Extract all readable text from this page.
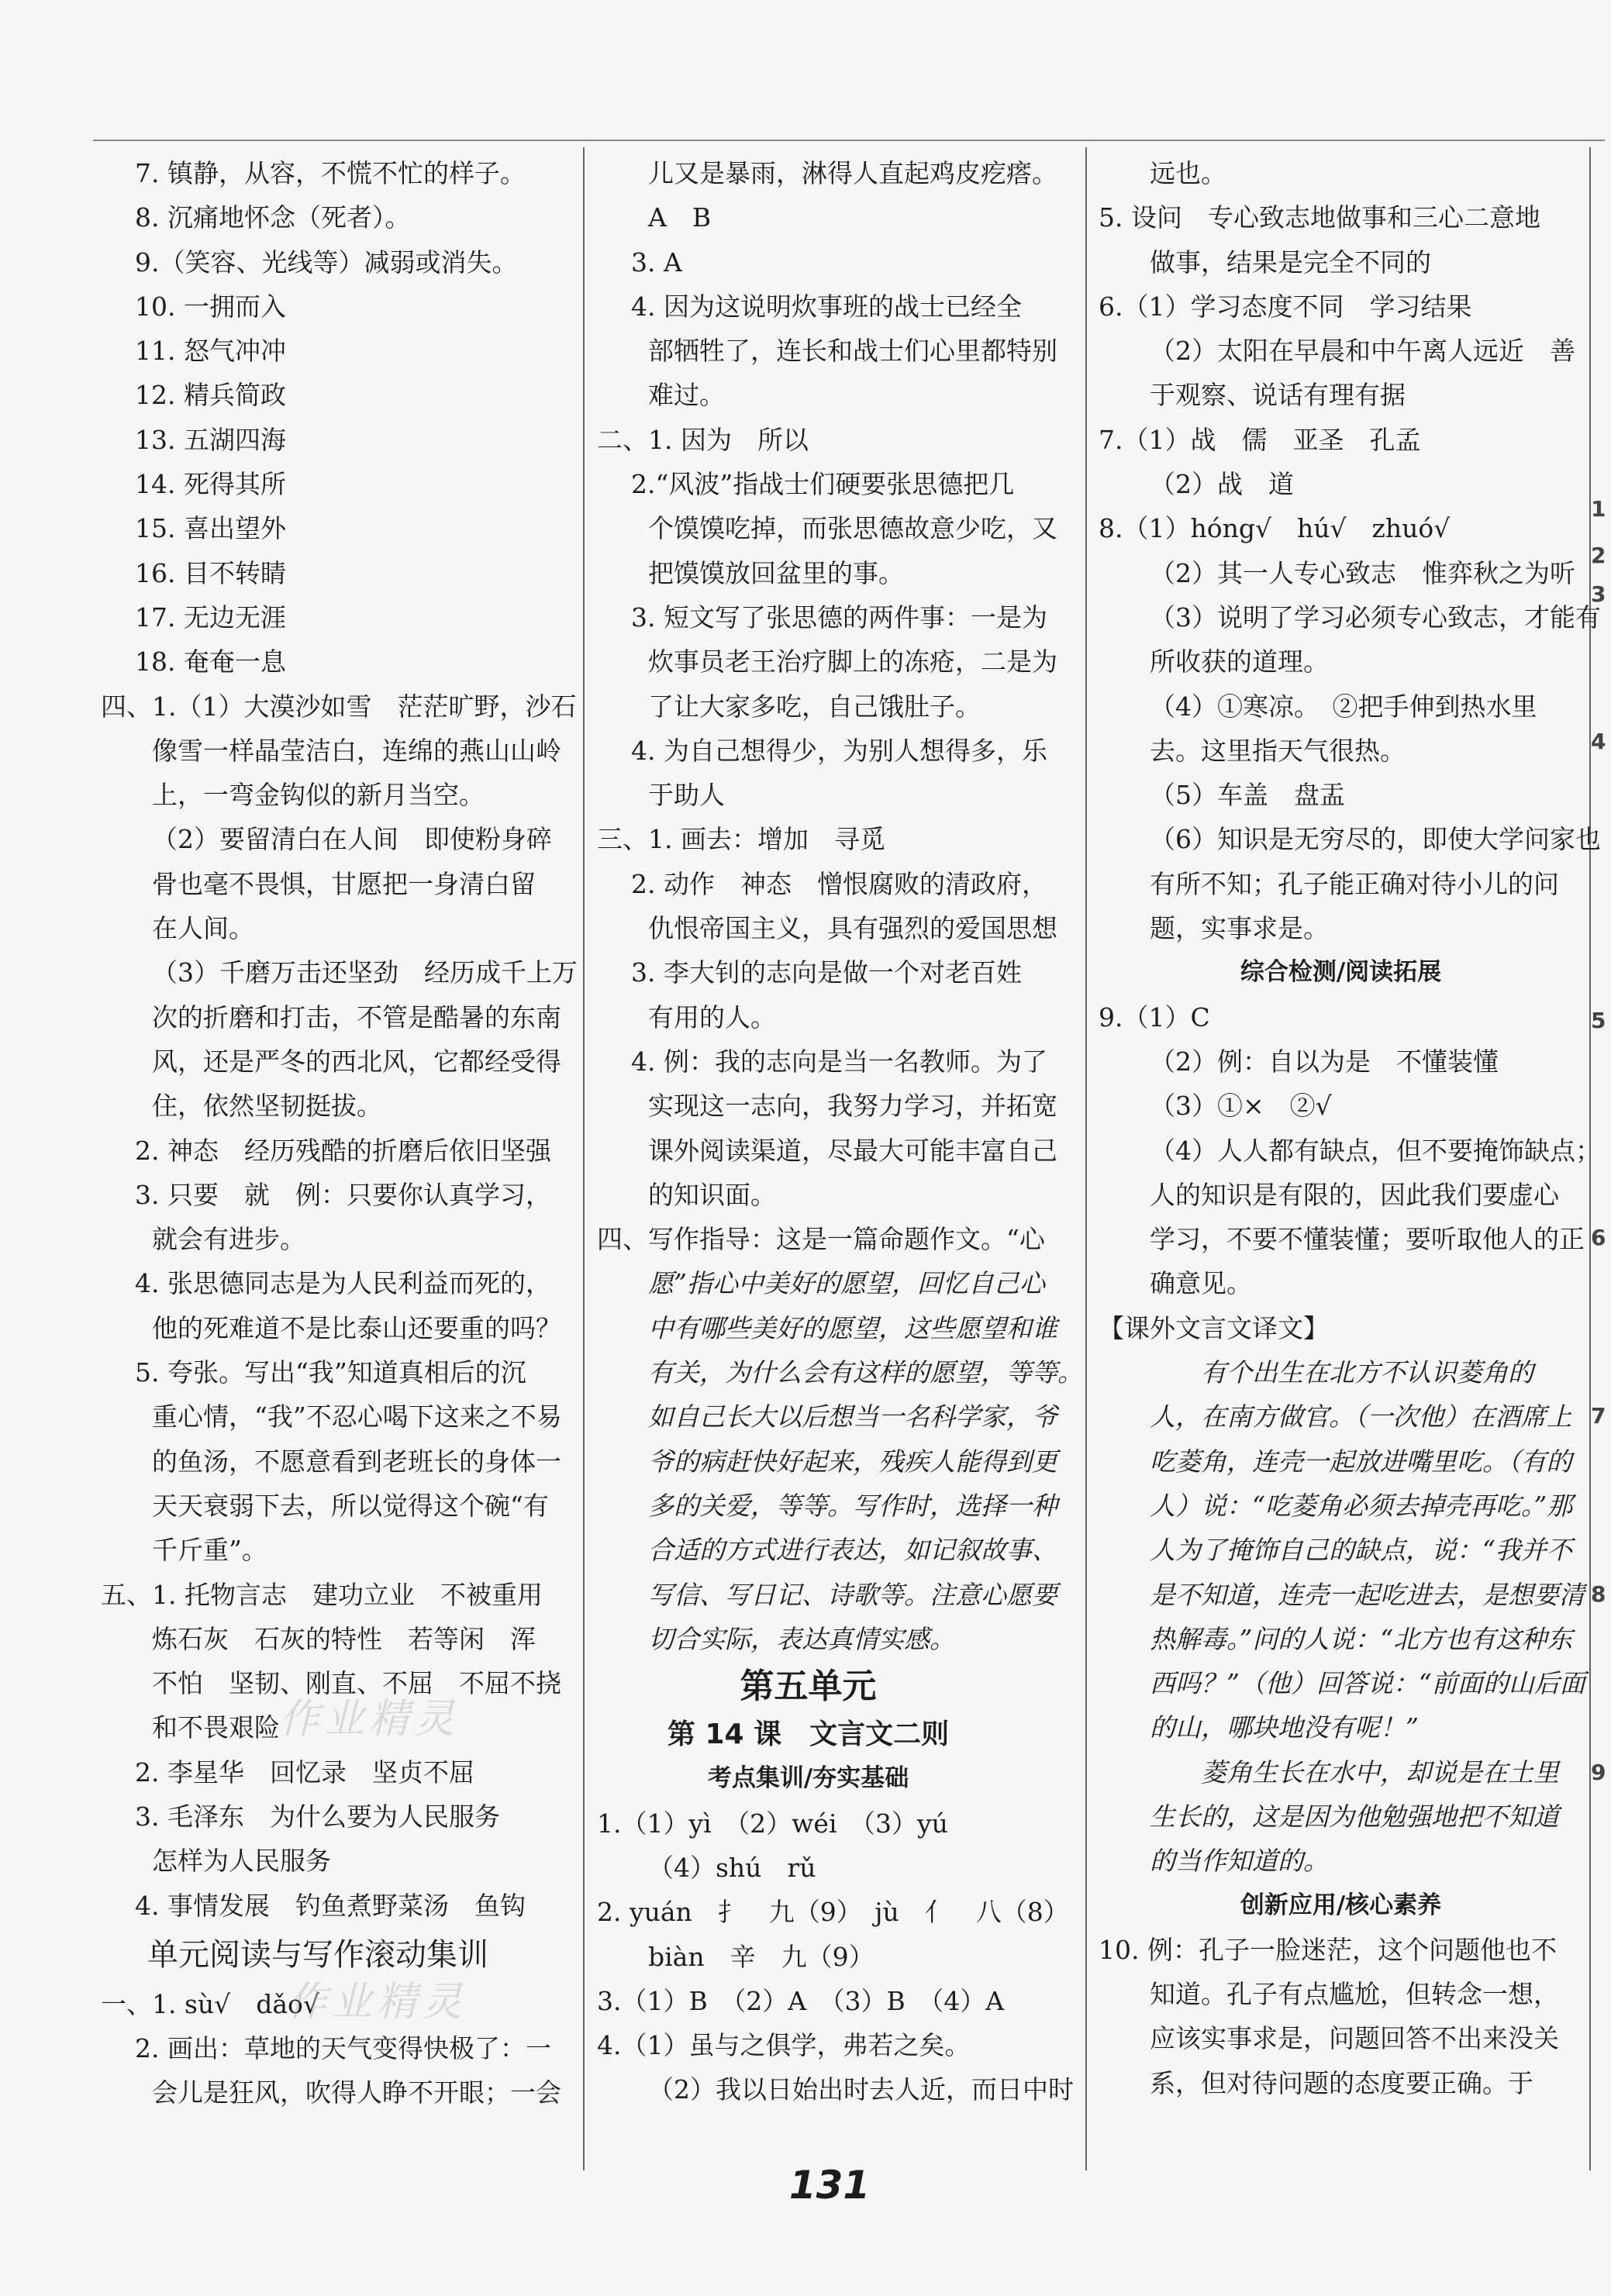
7. 镇静，从容，不慌不忙的样子。
8. 沉痛地怀念（死者）。
9.（笑容、光线等）减弱或消失。
10. 一拥而入
11. 怒气冲冲
12. 精兵简政
13. 五湖四海
14. 死得其所
15. 喜出望外
16. 目不转睛
17. 无边无涯
18. 奄奄一息
四、1.（1）大漠沙如雪　茫茫旷野，沙石
像雪一样晶莹洁白，连绵的燕山山岭
上，一弯金钩似的新月当空。
（2）要留清白在人间　即使粉身碎
骨也毫不畏惧，甘愿把一身清白留
在人间。
（3）千磨万击还坚劲　经历成千上万
次的折磨和打击，不管是酷暑的东南
风，还是严冬的西北风，它都经受得
住，依然坚韧挺拔。
2. 神态　经历残酷的折磨后依旧坚强
3. 只要　就　例：只要你认真学习，
就会有进步。
4. 张思德同志是为人民利益而死的，
他的死难道不是比泰山还要重的吗？
5. 夸张。写出“我”知道真相后的沉
重心情，“我”不忍心喝下这来之不易
的鱼汤，不愿意看到老班长的身体一
天天衰弱下去，所以觉得这个碗“有
千斤重”。
五、1. 托物言志　建功立业　不被重用
炼石灰　石灰的特性　若等闲　浑
不怕　坚韧、刚直、不屈　不屈不挠
和不畏艰险
2. 李星华　回忆录　坚贞不屈
3. 毛泽东　为什么要为人民服务
怎样为人民服务
4. 事情发展　钓鱼煮野菜汤　鱼钩
单元阅读与写作滚动集训
一、1. sù√　dǎo√
2. 画出：草地的天气变得快极了：一
会儿是狂风，吹得人睁不开眼；一会
儿又是暴雨，淋得人直起鸡皮疙瘩。
A　B
3. A
4. 因为这说明炊事班的战士已经全
部牺牲了，连长和战士们心里都特别
难过。
二、1. 因为　所以
2.“风波”指战士们硬要张思德把几
个馍馍吃掉，而张思德故意少吃，又
把馍馍放回盆里的事。
3. 短文写了张思德的两件事：一是为
炊事员老王治疗脚上的冻疮，二是为
了让大家多吃，自己饿肚子。
4. 为自己想得少，为别人想得多，乐
于助人
三、1. 画去：增加　寻觅
2. 动作　神态　憎恨腐败的清政府，
仇恨帝国主义，具有强烈的爱国思想
3. 李大钊的志向是做一个对老百姓
有用的人。
4. 例：我的志向是当一名教师。为了
实现这一志向，我努力学习，并拓宽
课外阅读渠道，尽最大可能丰富自己
的知识面。
四、写作指导：这是一篇命题作文。“心
愿”指心中美好的愿望，回忆自己心
中有哪些美好的愿望，这些愿望和谁
有关，为什么会有这样的愿望，等等。
如自己长大以后想当一名科学家，爷
爷的病赶快好起来，残疾人能得到更
多的关爱，等等。写作时，选择一种
合适的方式进行表达，如记叙故事、
写信、写日记、诗歌等。注意心愿要
切合实际，表达真情实感。
第五单元
第 14 课　文言文二则
考点集训/夯实基础
1.（1）yì　（2）wéi　（3）yú
（4）shú　rǔ
2. yuán　扌　九（9）　jù　亻　八（8）
biàn　辛　九（9）
3.（1）B　（2）A　（3）B　（4）A
4.（1）虽与之俱学，弗若之矣。
（2）我以日始出时去人近，而日中时
远也。
5. 设问　专心致志地做事和三心二意地
做事，结果是完全不同的
6.（1）学习态度不同　学习结果
（2）太阳在早晨和中午离人远近　善
于观察、说话有理有据
7.（1）战　儒　亚圣　孔孟
（2）战　道
8.（1）hóng√　hú√　zhuó√
（2）其一人专心致志　惟弈秋之为听
（3）说明了学习必须专心致志，才能有
所收获的道理。
（4）①寒凉。　②把手伸到热水里
去。这里指天气很热。
（5）车盖　盘盂
（6）知识是无穷尽的，即使大学问家也
有所不知；孔子能正确对待小儿的问
题，实事求是。
综合检测/阅读拓展
9.（1）C
（2）例：自以为是　不懂装懂
（3）①×　②√
（4）人人都有缺点，但不要掩饰缺点；
人的知识是有限的，因此我们要虚心
学习，不要不懂装懂；要听取他人的正
确意见。
【课外文言文译文】
　　有个出生在北方不认识菱角的
人，在南方做官。（一次他）在酒席上
吃菱角，连壳一起放进嘴里吃。（有的
人）说：“吃菱角必须去掉壳再吃。”那
人为了掩饰自己的缺点，说：“我并不
是不知道，连壳一起吃进去，是想要清
热解毒。”问的人说：“北方也有这种东
西吗？”（他）回答说：“前面的山后面
的山，哪块地没有呢！”
　　菱角生长在水中，却说是在土里
生长的，这是因为他勉强地把不知道
的当作知道的。
创新应用/核心素养
10. 例：孔子一脸迷茫，这个问题他也不
知道。孔子有点尴尬，但转念一想，
应该实事求是，问题回答不出来没关
系，但对待问题的态度要正确。于
作业精灵
作业精灵
1
2
3
4
5
6
7
8
9
131
